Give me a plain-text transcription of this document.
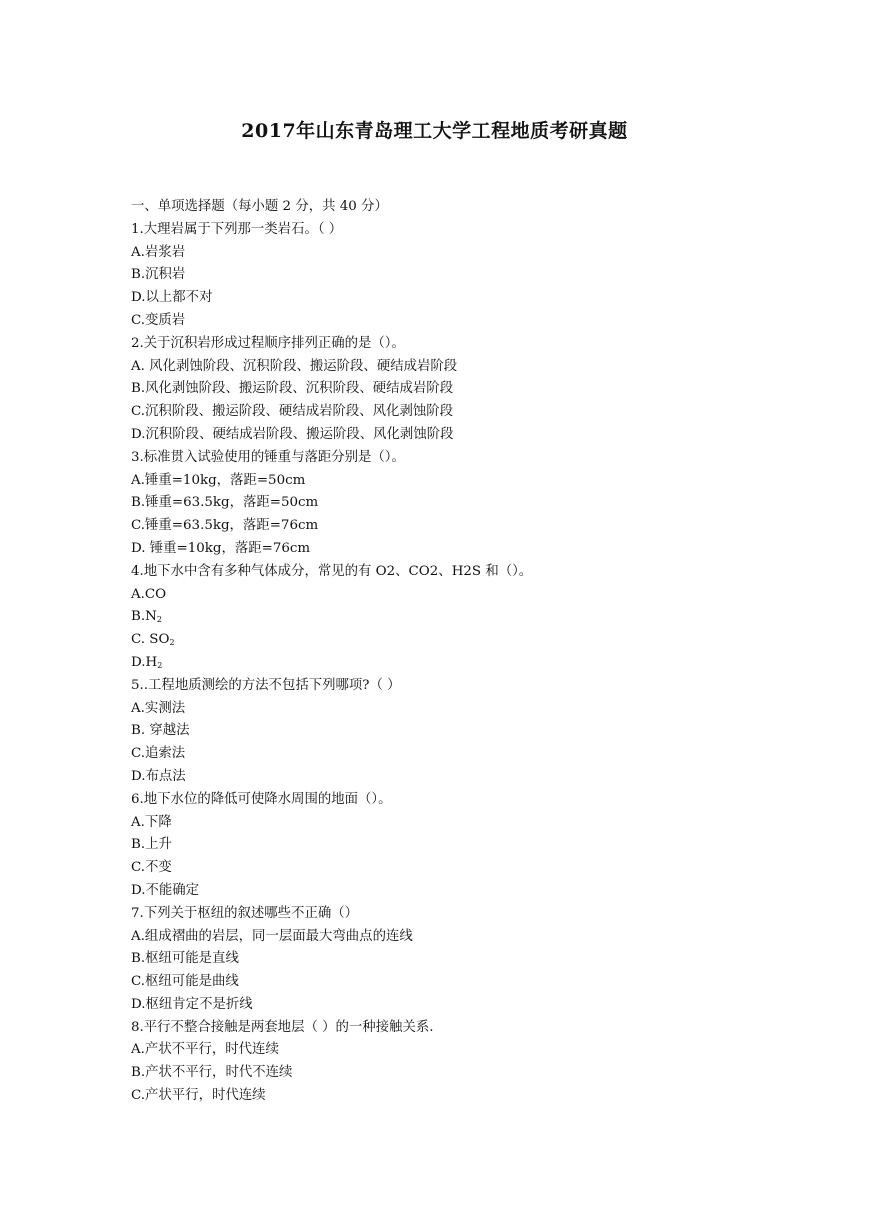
2017年山东青岛理工大学工程地质考研真题
一、单项选择题（每小题 2 分，共 40 分）
1.大理岩属于下列那一类岩石。（ ）
A.岩浆岩
B.沉积岩
D.以上都不对
C.变质岩
2.关于沉积岩形成过程顺序排列正确的是（）。
A. 风化剥蚀阶段、沉积阶段、搬运阶段、硬结成岩阶段
B.风化剥蚀阶段、搬运阶段、沉积阶段、硬结成岩阶段
C.沉积阶段、搬运阶段、硬结成岩阶段、风化剥蚀阶段
D.沉积阶段、硬结成岩阶段、搬运阶段、风化剥蚀阶段
3.标准贯入试验使用的锤重与落距分别是（）。
A.锤重=10kg，落距=50cm
B.锤重=63.5kg，落距=50cm
C.锤重=63.5kg，落距=76cm
D. 锤重=10kg，落距=76cm
4.地下水中含有多种气体成分，常见的有 O2、CO2、H2S 和（）。
A.CO
$B.N_2$
C. $SO_2$
$D.H_2$
5..工程地质测绘的方法不包括下列哪项?（ ）
A.实测法
B. 穿越法
C.追索法
D.布点法
6.地下水位的降低可使降水周围的地面（）。
A.下降
B.上升
C.不变
D.不能确定
7.下列关于枢纽的叙述哪些不正确（）
A.组成褶曲的岩层，同一层面最大弯曲点的连线
B.枢纽可能是直线
C.枢纽可能是曲线
D.枢纽肯定不是折线
8.平行不整合接触是两套地层（ ）的一种接触关系.
A.产状不平行，时代连续
B.产状不平行，时代不连续
C.产状平行，时代连续
